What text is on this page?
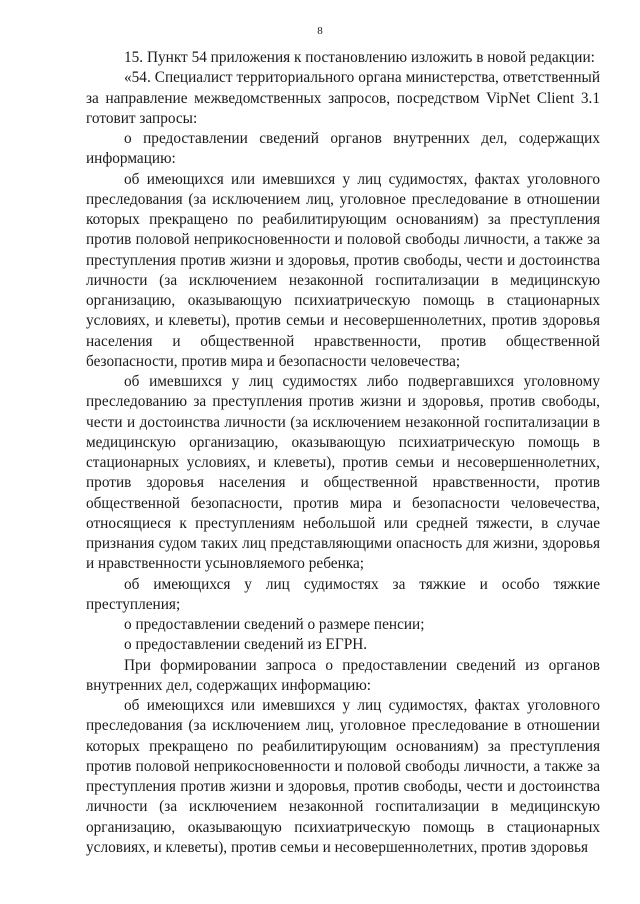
8

15. Пункт 54 приложения к постановлению изложить в новой редакции:

«54. Специалист территориального органа министерства, ответственный за направление межведомственных запросов, посредством VipNet Client 3.1 готовит запросы:

о предоставлении сведений органов внутренних дел, содержащих информацию:

об имеющихся или имевшихся у лиц судимостях, фактах уголовного преследования (за исключением лиц, уголовное преследование в отношении которых прекращено по реабилитирующим основаниям) за преступления против половой неприкосновенности и половой свободы личности, а также за преступления против жизни и здоровья, против свободы, чести и достоинства личности (за исключением незаконной госпитализации в медицинскую организацию, оказывающую психиатрическую помощь в стационарных условиях, и клеветы), против семьи и несовершеннолетних, против здоровья населения и общественной нравственности, против общественной безопасности, против мира и безопасности человечества;

об имевшихся у лиц судимостях либо подвергавшихся уголовному преследованию за преступления против жизни и здоровья, против свободы, чести и достоинства личности (за исключением незаконной госпитализации в медицинскую организацию, оказывающую психиатрическую помощь в стационарных условиях, и клеветы), против семьи и несовершеннолетних, против здоровья населения и общественной нравственности, против общественной безопасности, против мира и безопасности человечества, относящиеся к преступлениям небольшой или средней тяжести, в случае признания судом таких лиц представляющими опасность для жизни, здоровья и нравственности усыновляемого ребенка;

об имеющихся у лиц судимостях за тяжкие и особо тяжкие преступления;

о предоставлении сведений о размере пенсии;

о предоставлении сведений из ЕГРН.

При формировании запроса о предоставлении сведений из органов внутренних дел, содержащих информацию:

об имеющихся или имевшихся у лиц судимостях, фактах уголовного преследования (за исключением лиц, уголовное преследование в отношении которых прекращено по реабилитирующим основаниям) за преступления против половой неприкосновенности и половой свободы личности, а также за преступления против жизни и здоровья, против свободы, чести и достоинства личности (за исключением незаконной госпитализации в медицинскую организацию, оказывающую психиатрическую помощь в стационарных условиях, и клеветы), против семьи и несовершеннолетних, против здоровья
